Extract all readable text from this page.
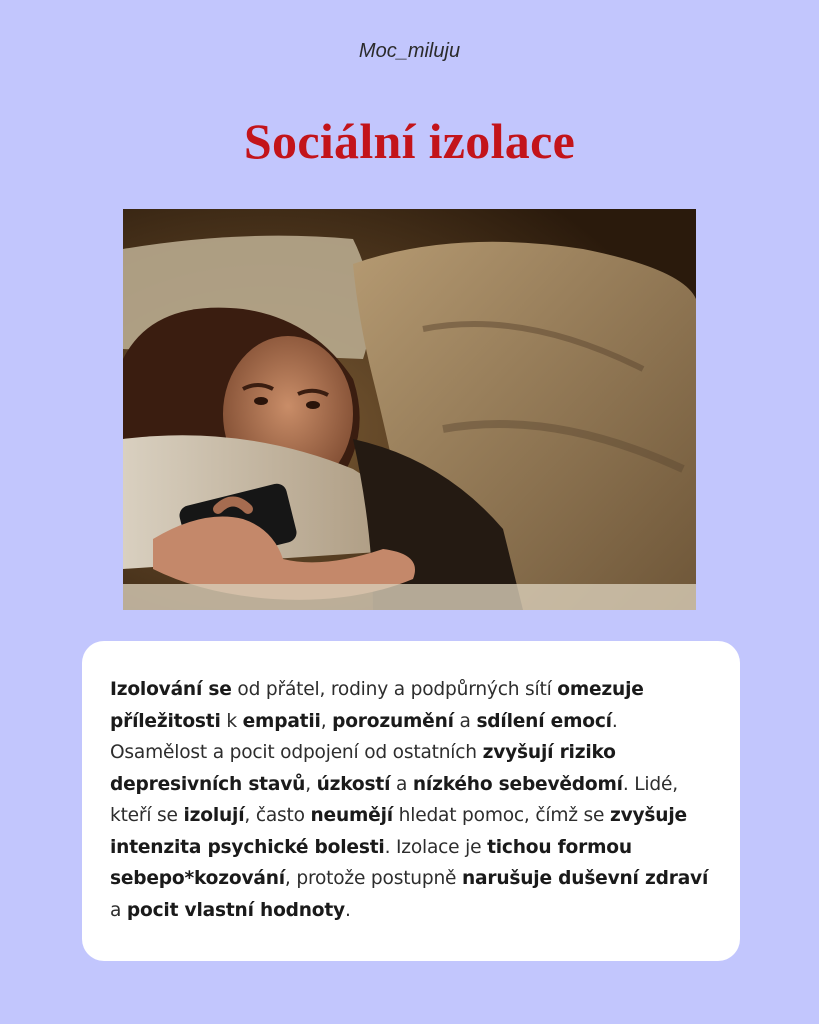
Moc_miluju
Sociální izolace
Izolování se od přátel, rodiny a podpůrných sítí omezuje příležitosti k empatii, porozumění a sdílení emocí. Osamělost a pocit odpojení od ostatních zvyšují riziko depresivních stavů, úzkostí a nízkého sebevědomí. Lidé, kteří se izolují, často neumějí hledat pomoc, čímž se zvyšuje intenzita psychické bolesti. Izolace je tichou formou sebepo*kozování, protože postupně narušuje duševní zdraví a pocit vlastní hodnoty.
